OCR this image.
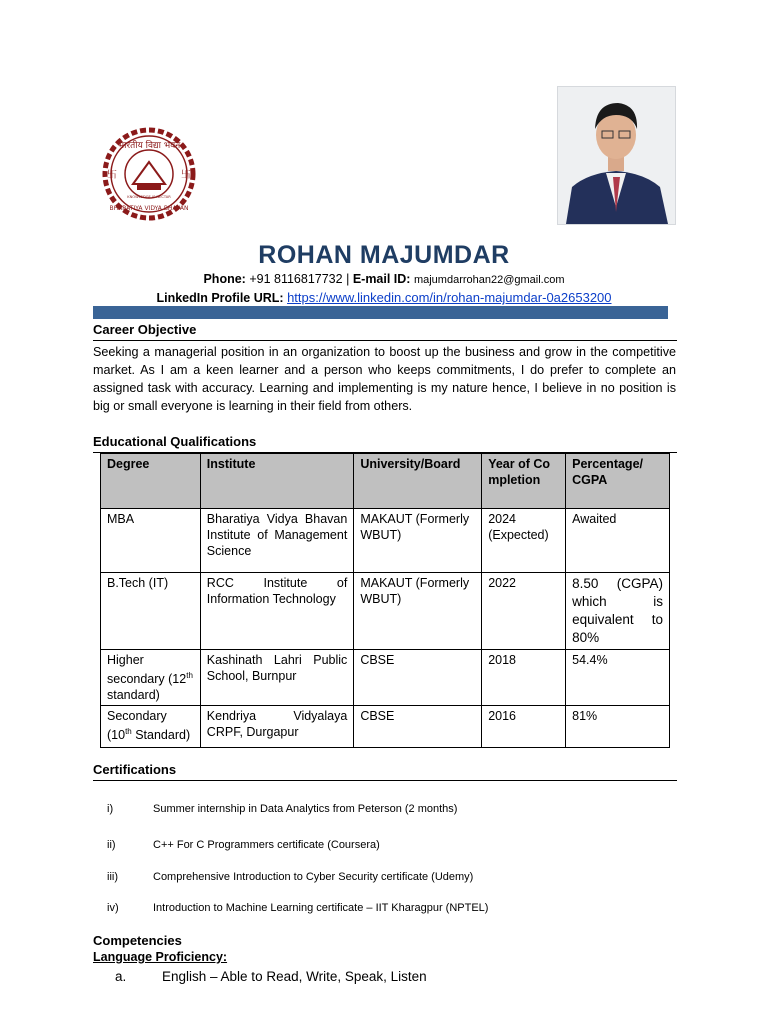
भारतीय विद्या भवन
BHARATIYA VIDYA BHAVAN
KNOWLEDGE IS NECTAR
卐	卐
ROHAN MAJUMDAR
Phone: +91 8116817732 | E-mail ID: majumdarrohan22@gmail.com
LinkedIn Profile URL: https://www.linkedin.com/in/rohan-majumdar-0a2653200
Career Objective
Seeking a managerial position in an organization to boost up the business and grow in the competitive market. As I am a keen learner and a person who keeps commitments, I do prefer to complete an assigned task with accuracy. Learning and implementing is my nature hence, I believe in no position is big or small everyone is learning in their field from others.
Educational Qualifications
Degree	Institute	University/Board	Year of Completion	Percentage/ CGPA
MBA	Bharatiya Vidya Bhavan Institute of Management Science	MAKAUT (Formerly WBUT)	2024 (Expected)	Awaited
B.Tech (IT)	RCC Institute of Information Technology	MAKAUT (Formerly WBUT)	2022	8.50 (CGPA) which is equivalent to 80%
Higher secondary (12th standard)	Kashinath Lahri Public School, Burnpur	CBSE	2018	54.4%
Secondary (10th Standard)	Kendriya Vidyalaya CRPF, Durgapur	CBSE	2016	81%
Certifications
i)	Summer internship in Data Analytics from Peterson (2 months)
ii)	C++ For C Programmers certificate (Coursera)
iii)	Comprehensive Introduction to Cyber Security certificate (Udemy)
iv)	Introduction to Machine Learning certificate – IIT Kharagpur (NPTEL)
Competencies
Language Proficiency:
a.	English – Able to Read, Write, Speak, Listen
